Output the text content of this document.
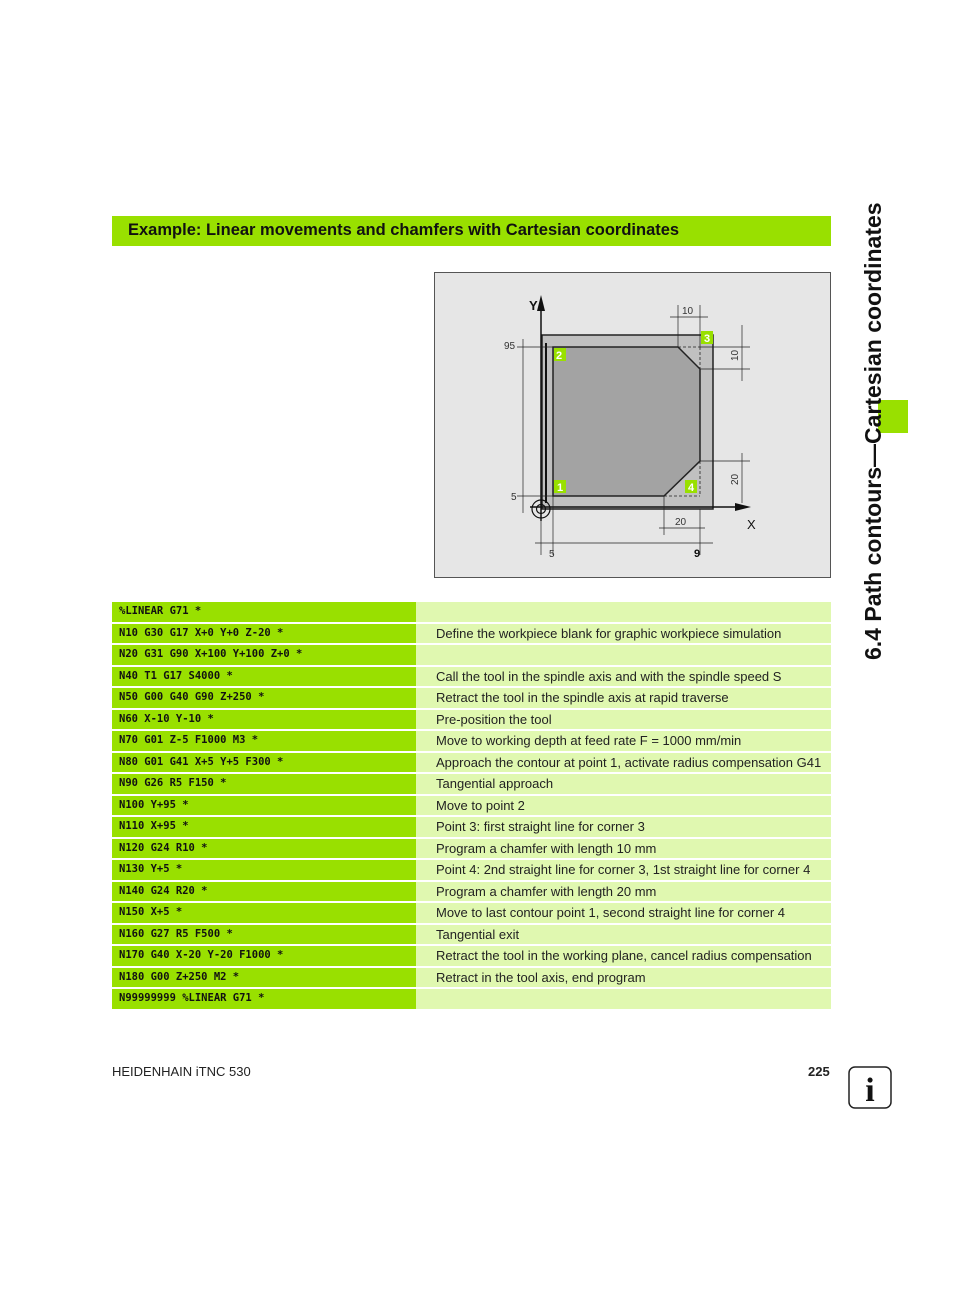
Example: Linear movements and chamfers with Cartesian coordinates	6.4 Path contours—Cartesian coordinates
Y
X
10
10
95
5
20
20
5	9
2
3
4
1
%LINEAR G71 *
N10 G30 G17 X+0 Y+0 Z-20 *	Define the workpiece blank for graphic workpiece simulation
N20 G31 G90 X+100 Y+100 Z+0 *
N40 T1 G17 S4000 *	Call the tool in the spindle axis and with the spindle speed S
N50 G00 G40 G90 Z+250 *	Retract the tool in the spindle axis at rapid traverse
N60 X-10 Y-10 *	Pre-position the tool
N70 G01 Z-5 F1000 M3 *	Move to working depth at feed rate F = 1000 mm/min
N80 G01 G41 X+5 Y+5 F300 *	Approach the contour at point 1, activate radius compensation G41
N90 G26 R5 F150 *	Tangential approach
N100 Y+95 *	Move to point 2
N110 X+95 *	Point 3: first straight line for corner 3
N120 G24 R10 *	Program a chamfer with length 10 mm
N130 Y+5 *	Point 4: 2nd straight line for corner 3, 1st straight line for corner 4
N140 G24 R20 *	Program a chamfer with length 20 mm
N150 X+5 *	Move to last contour point 1, second straight line for corner 4
N160 G27 R5 F500 *	Tangential exit
N170 G40 X-20 Y-20 F1000 *	Retract the tool in the working plane, cancel radius compensation
N180 G00 Z+250 M2 *	Retract in the tool axis, end program
N99999999 %LINEAR G71 *
HEIDENHAIN iTNC 530	225
i
